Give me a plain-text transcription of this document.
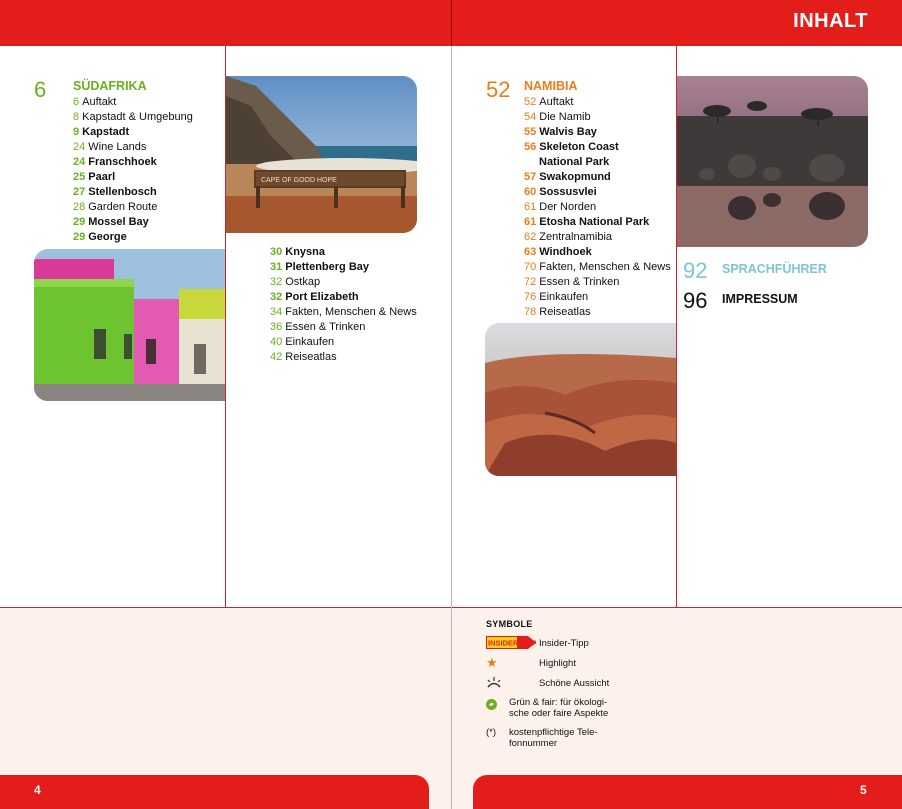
INHALT
6 SÜDAFRIKA
6 Auftakt
8 Kapstadt & Umgebung
9 Kapstadt
24 Wine Lands
24 Franschhoek
25 Paarl
27 Stellenbosch
28 Garden Route
29 Mossel Bay
29 George
30 Knysna
31 Plettenberg Bay
32 Ostkap
32 Port Elizabeth
34 Fakten, Menschen & News
36 Essen & Trinken
40 Einkaufen
42 Reiseatlas
CAPE OF GOOD HOPE
52 NAMIBIA
52 Auftakt
54 Die Namib
55 Walvis Bay
56 Skeleton Coast
National Park
57 Swakopmund
60 Sossusvlei
61 Der Norden
61 Etosha National Park
62 Zentralnamibia
63 Windhoek
70 Fakten, Menschen & News
72 Essen & Trinken
76 Einkaufen
78 Reiseatlas
92 SPRACHFÜHRER
96 IMPRESSUM
SYMBOLE
INSIDER TIPP Insider-Tipp
★	Highlight
Schöne Aussicht
Grün & fair: für ökologi-
sche oder faire Aspekte
(*) kostenpflichtige Tele-
fonnummer
4	5
